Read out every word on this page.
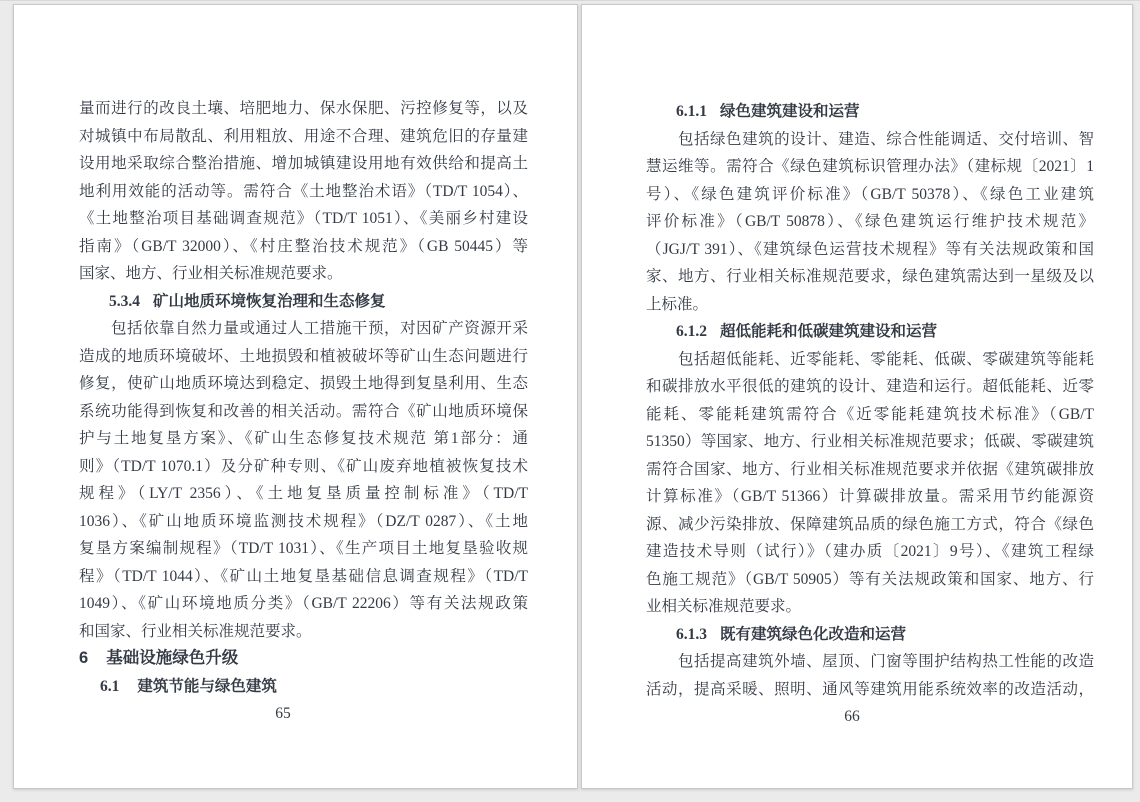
量而进行的改良土壤、培肥地力、保水保肥、污控修复等，以及
对城镇中布局散乱、利用粗放、用途不合理、建筑危旧的存量建
设用地采取综合整治措施、增加城镇建设用地有效供给和提高土
地利用效能的活动等。需符合《土地整治术语》（TD/T 1054）、
《土地整治项目基础调查规范》（TD/T 1051）、《美丽乡村建设
指南》（GB/T 32000）、《村庄整治技术规范》（GB 50445）等
国家、地方、行业相关标准规范要求。
5.3.4 矿山地质环境恢复治理和生态修复
包括依靠自然力量或通过人工措施干预，对因矿产资源开采
造成的地质环境破坏、土地损毁和植被破坏等矿山生态问题进行
修复，使矿山地质环境达到稳定、损毁土地得到复垦利用、生态
系统功能得到恢复和改善的相关活动。需符合《矿山地质环境保
护与土地复垦方案》、《矿山生态修复技术规范 第1部分：通
则》（TD/T 1070.1）及分矿种专则、《矿山废弃地植被恢复技术
规程》（LY/T 2356）、《土地复垦质量控制标准》（TD/T
1036）、《矿山地质环境监测技术规程》（DZ/T 0287）、《土地
复垦方案编制规程》（TD/T 1031）、《生产项目土地复垦验收规
程》（TD/T 1044）、《矿山土地复垦基础信息调查规程》（TD/T
1049）、《矿山环境地质分类》（GB/T 22206）等有关法规政策
和国家、行业相关标准规范要求。
6 基础设施绿色升级
6.1 建筑节能与绿色建筑
65
6.1.1 绿色建筑建设和运营
包括绿色建筑的设计、建造、综合性能调适、交付培训、智
慧运维等。需符合《绿色建筑标识管理办法》（建标规〔2021〕1
号）、《绿色建筑评价标准》（GB/T 50378）、《绿色工业建筑
评价标准》（GB/T 50878）、《绿色建筑运行维护技术规范》
（JGJ/T 391）、《建筑绿色运营技术规程》等有关法规政策和国
家、地方、行业相关标准规范要求，绿色建筑需达到一星级及以
上标准。
6.1.2 超低能耗和低碳建筑建设和运营
包括超低能耗、近零能耗、零能耗、低碳、零碳建筑等能耗
和碳排放水平很低的建筑的设计、建造和运行。超低能耗、近零
能耗、零能耗建筑需符合《近零能耗建筑技术标准》（GB/T
51350）等国家、地方、行业相关标准规范要求；低碳、零碳建筑
需符合国家、地方、行业相关标准规范要求并依据《建筑碳排放
计算标准》（GB/T 51366）计算碳排放量。需采用节约能源资
源、减少污染排放、保障建筑品质的绿色施工方式，符合《绿色
建造技术导则（试行）》（建办质〔2021〕9号）、《建筑工程绿
色施工规范》（GB/T 50905）等有关法规政策和国家、地方、行
业相关标准规范要求。
6.1.3 既有建筑绿色化改造和运营
包括提高建筑外墙、屋顶、门窗等围护结构热工性能的改造
活动，提高采暖、照明、通风等建筑用能系统效率的改造活动，
66
